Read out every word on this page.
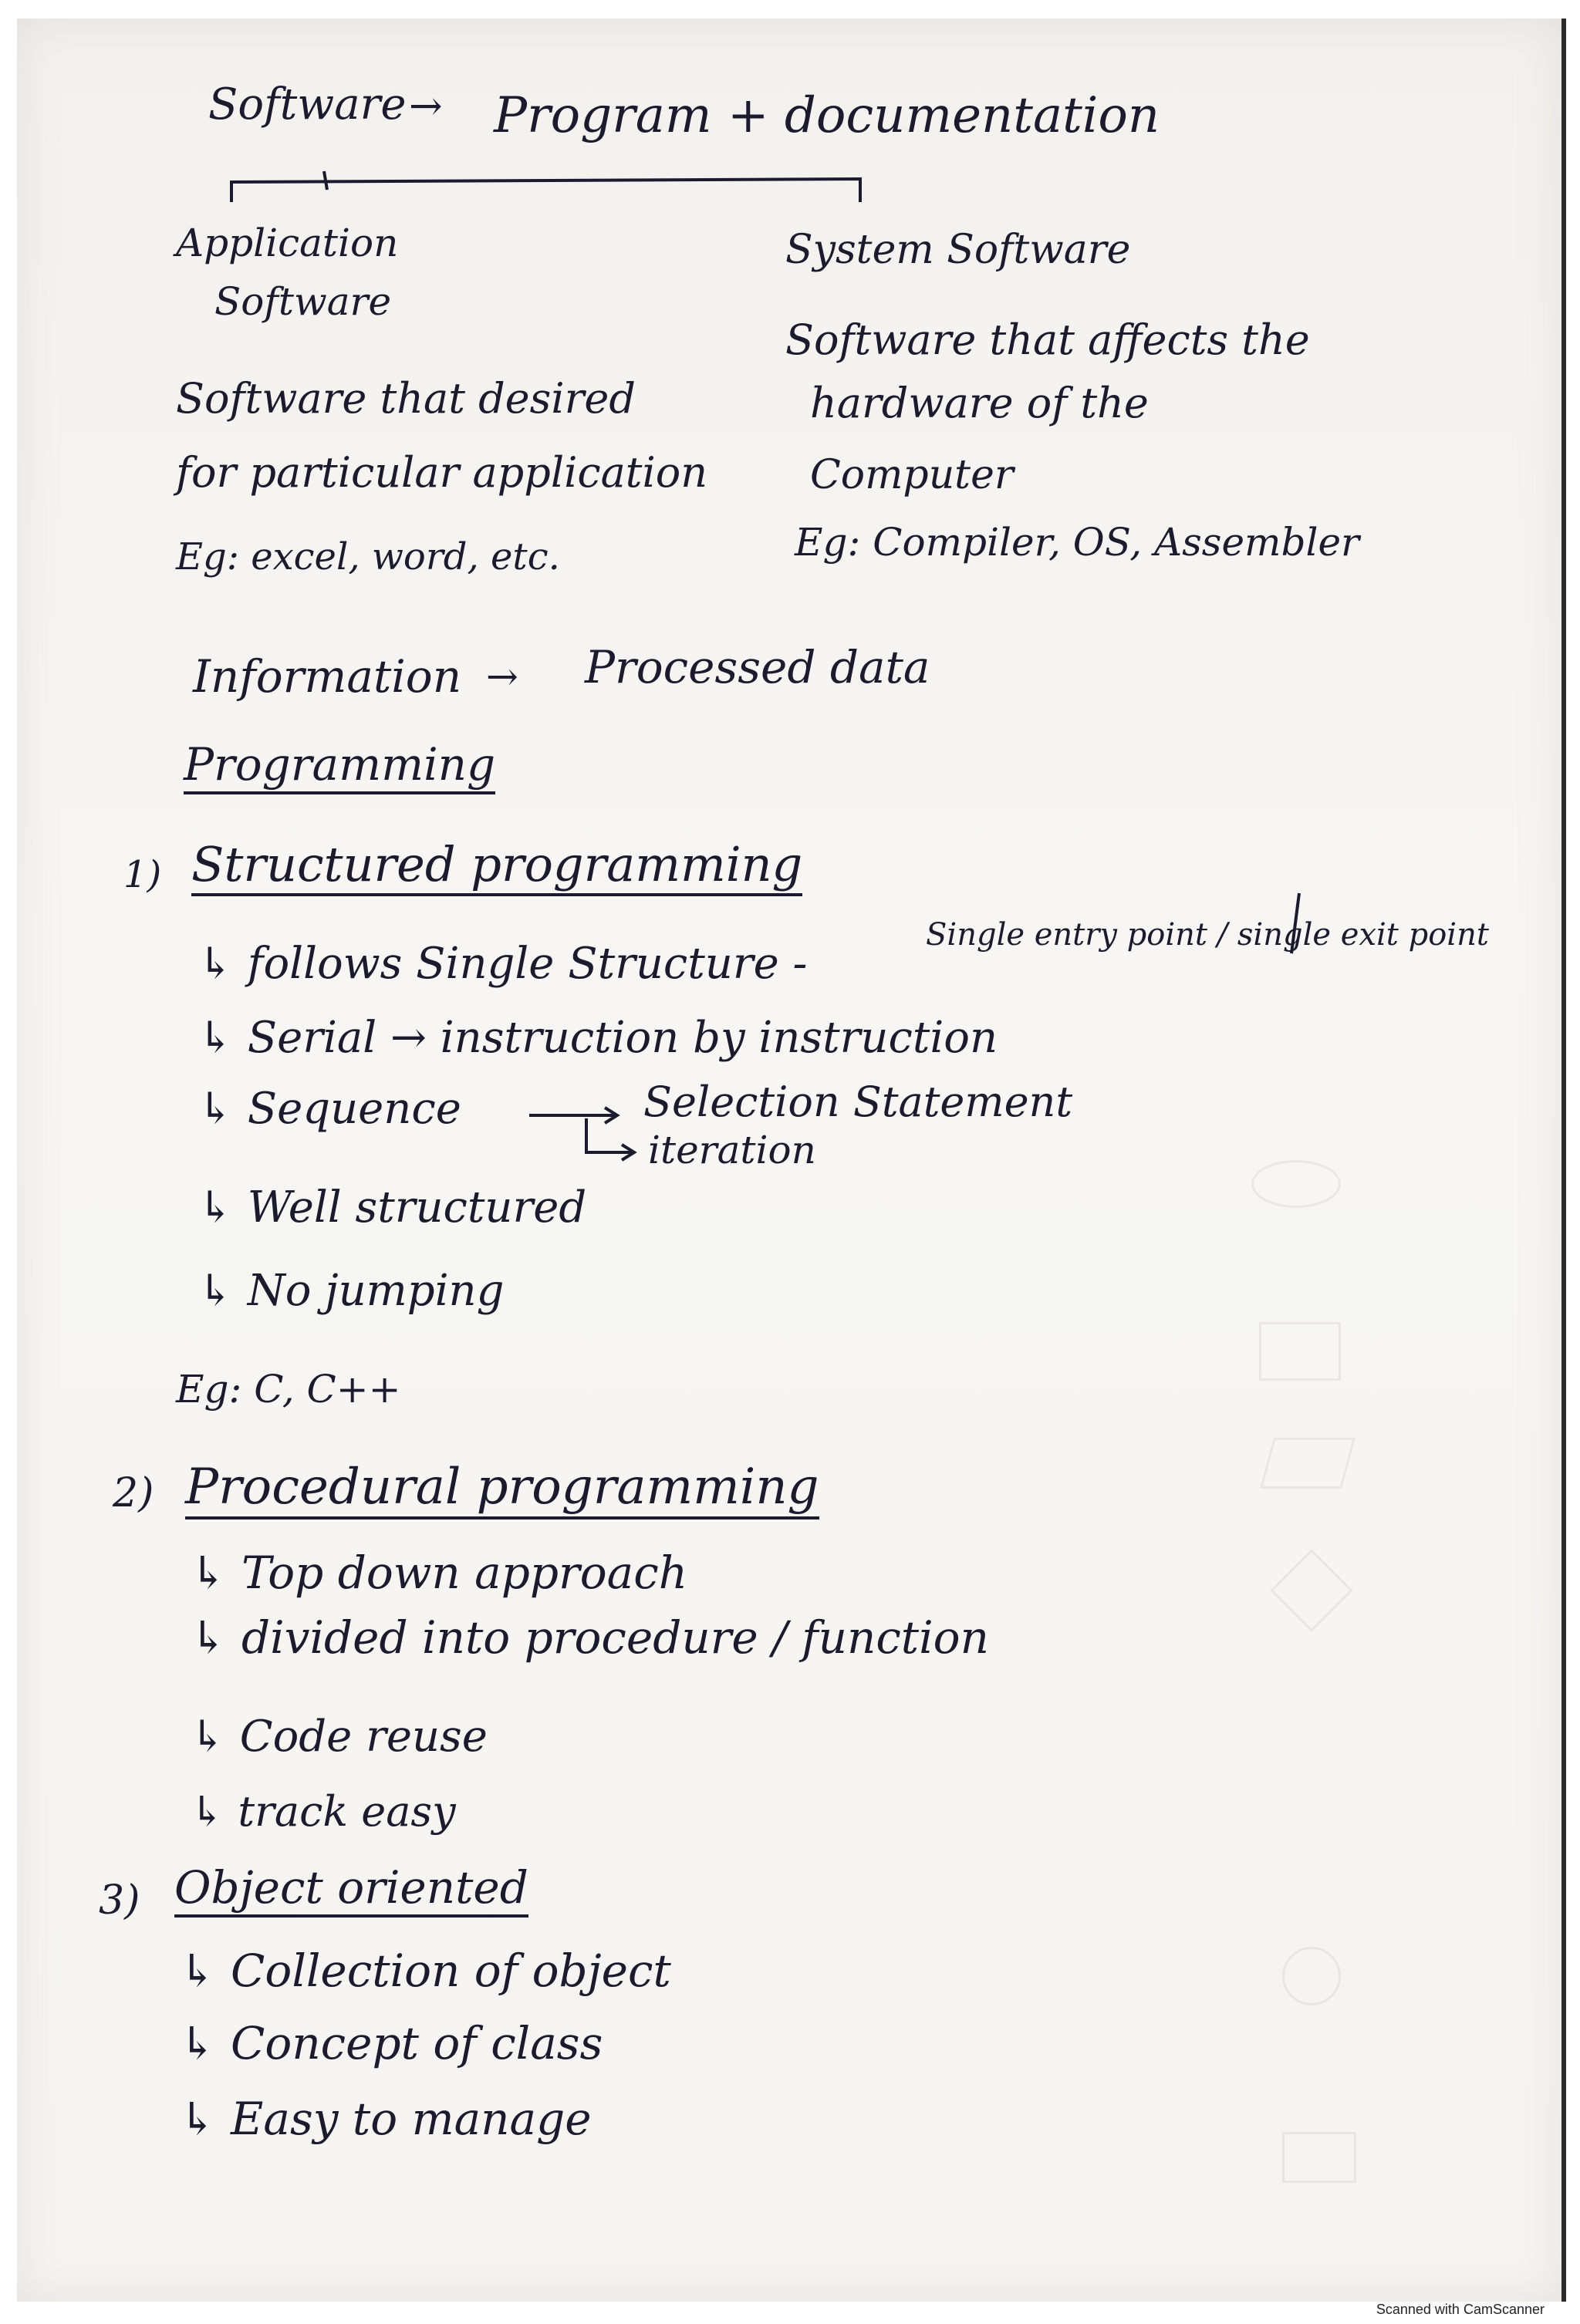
Software → Program + documentation
Application
Software
Software that desired
for particular application
Eg: excel, word, etc.
System Software
Software that affects the
hardware of the
Computer
Eg: Compiler, OS, Assembler
Information → Processed data
Programming
1) Structured programming
↳ follows Single Structure -
Single entry point / single exit point
↳ Serial → instruction by instruction
↳ Sequence	Selection Statement
iteration
↳ Well structured
↳ No jumping
Eg: C, C++
2) Procedural programming
↳ Top down approach
↳ divided into procedure / function
↳ Code reuse
↳ track easy
3) Object oriented
↳ Collection of object
↳ Concept of class
↳ Easy to manage
Scanned with CamScanner
